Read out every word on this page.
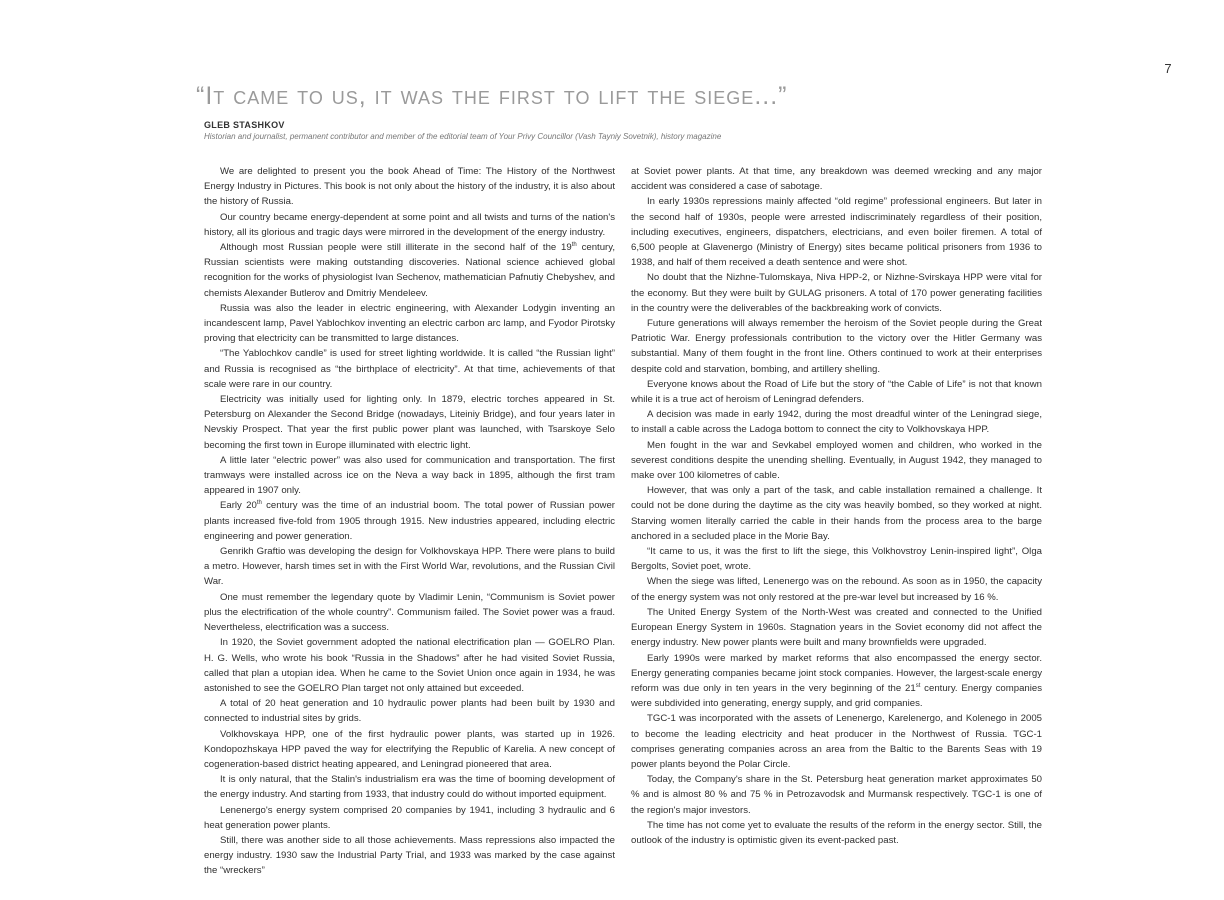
7
“It came to us, it was the first to lift the siege...”
GLEB STASHKOV
Historian and journalist, permanent contributor and member of the editorial team of Your Privy Councillor (Vash Tayniy Sovetnik), history magazine

We are delighted to present you the book Ahead of Time: The History of the Northwest Energy Industry in Pictures. This book is not only about the history of the industry, it is also about the history of Russia.

Our country became energy-dependent at some point and all twists and turns of the nation's history, all its glorious and tragic days were mirrored in the development of the energy industry.

Although most Russian people were still illiterate in the second half of the 19th century, Russian scientists were making outstanding discoveries. National science achieved global recognition for the works of physiologist Ivan Sechenov, mathematician Pafnutiy Chebyshev, and chemists Alexander Butlerov and Dmitriy Mendeleev.

Russia was also the leader in electric engineering, with Alexander Lodygin inventing an incandescent lamp, Pavel Yablochkov inventing an electric carbon arc lamp, and Fyodor Pirotsky proving that electricity can be transmitted to large distances.

“The Yablochkov candle” is used for street lighting worldwide. It is called “the Russian light” and Russia is recognised as “the birthplace of electricity”. At that time, achievements of that scale were rare in our country.

Electricity was initially used for lighting only. In 1879, electric torches appeared in St. Petersburg on Alexander the Second Bridge (nowadays, Liteiniy Bridge), and four years later in Nevskiy Prospect. That year the first public power plant was launched, with Tsarskoye Selo becoming the first town in Europe illuminated with electric light.

A little later “electric power” was also used for communication and transportation. The first tramways were installed across ice on the Neva a way back in 1895, although the first tram appeared in 1907 only.

Early 20th century was the time of an industrial boom. The total power of Russian power plants increased five-fold from 1905 through 1915. New industries appeared, including electric engineering and power generation.

Genrikh Graftio was developing the design for Volkhovskaya HPP. There were plans to build a metro. However, harsh times set in with the First World War, revolutions, and the Russian Civil War.

One must remember the legendary quote by Vladimir Lenin, “Communism is Soviet power plus the electrification of the whole country”. Communism failed. The Soviet power was a fraud. Nevertheless, electrification was a success.

In 1920, the Soviet government adopted the national electrification plan — GOELRO Plan. H. G. Wells, who wrote his book “Russia in the Shadows” after he had visited Soviet Russia, called that plan a utopian idea. When he came to the Soviet Union once again in 1934, he was astonished to see the GOELRO Plan target not only attained but exceeded.

A total of 20 heat generation and 10 hydraulic power plants had been built by 1930 and connected to industrial sites by grids.

Volkhovskaya HPP, one of the first hydraulic power plants, was started up in 1926. Kondopozhskaya HPP paved the way for electrifying the Republic of Karelia. A new concept of cogeneration-based district heating appeared, and Leningrad pioneered that area.

It is only natural, that the Stalin's industrialism era was the time of booming development of the energy industry. And starting from 1933, that industry could do without imported equipment.

Lenenergo's energy system comprised 20 companies by 1941, including 3 hydraulic and 6 heat generation power plants.

Still, there was another side to all those achievements. Mass repressions also impacted the energy industry. 1930 saw the Industrial Party Trial, and 1933 was marked by the case against the “wreckers”

at Soviet power plants. At that time, any breakdown was deemed wrecking and any major accident was considered a case of sabotage.

In early 1930s repressions mainly affected “old regime” professional engineers. But later in the second half of 1930s, people were arrested indiscriminately regardless of their position, including executives, engineers, dispatchers, electricians, and even boiler firemen. A total of 6,500 people at Glavenergo (Ministry of Energy) sites became political prisoners from 1936 to 1938, and half of them received a death sentence and were shot.

No doubt that the Nizhne-Tulomskaya, Niva HPP-2, or Nizhne-Svirskaya HPP were vital for the economy. But they were built by GULAG prisoners. A total of 170 power generating facilities in the country were the deliverables of the backbreaking work of convicts.

Future generations will always remember the heroism of the Soviet people during the Great Patriotic War. Energy professionals contribution to the victory over the Hitler Germany was substantial. Many of them fought in the front line. Others continued to work at their enterprises despite cold and starvation, bombing, and artillery shelling.

Everyone knows about the Road of Life but the story of “the Cable of Life” is not that known while it is a true act of heroism of Leningrad defenders.

A decision was made in early 1942, during the most dreadful winter of the Leningrad siege, to install a cable across the Ladoga bottom to connect the city to Volkhovskaya HPP.

Men fought in the war and Sevkabel employed women and children, who worked in the severest conditions despite the unending shelling. Eventually, in August 1942, they managed to make over 100 kilometres of cable.

However, that was only a part of the task, and cable installation remained a challenge. It could not be done during the daytime as the city was heavily bombed, so they worked at night. Starving women literally carried the cable in their hands from the process area to the barge anchored in a secluded place in the Morie Bay.

“It came to us, it was the first to lift the siege, this Volkhovstroy Lenin-inspired light”, Olga Bergolts, Soviet poet, wrote.

When the siege was lifted, Lenenergo was on the rebound. As soon as in 1950, the capacity of the energy system was not only restored at the pre-war level but increased by 16 %.

The United Energy System of the North-West was created and connected to the Unified European Energy System in 1960s. Stagnation years in the Soviet economy did not affect the energy industry. New power plants were built and many brownfields were upgraded.

Early 1990s were marked by market reforms that also encompassed the energy sector. Energy generating companies became joint stock companies. However, the largest-scale energy reform was due only in ten years in the very beginning of the 21st century. Energy companies were subdivided into generating, energy supply, and grid companies.

TGC-1 was incorporated with the assets of Lenenergo, Karelenergo, and Kolenego in 2005 to become the leading electricity and heat producer in the Northwest of Russia. TGC-1 comprises generating companies across an area from the Baltic to the Barents Seas with 19 power plants beyond the Polar Circle.

Today, the Company's share in the St. Petersburg heat generation market approximates 50 % and is almost 80 % and 75 % in Petrozavodsk and Murmansk respectively. TGC-1 is one of the region's major investors.

The time has not come yet to evaluate the results of the reform in the energy sector. Still, the outlook of the industry is optimistic given its event-packed past.
